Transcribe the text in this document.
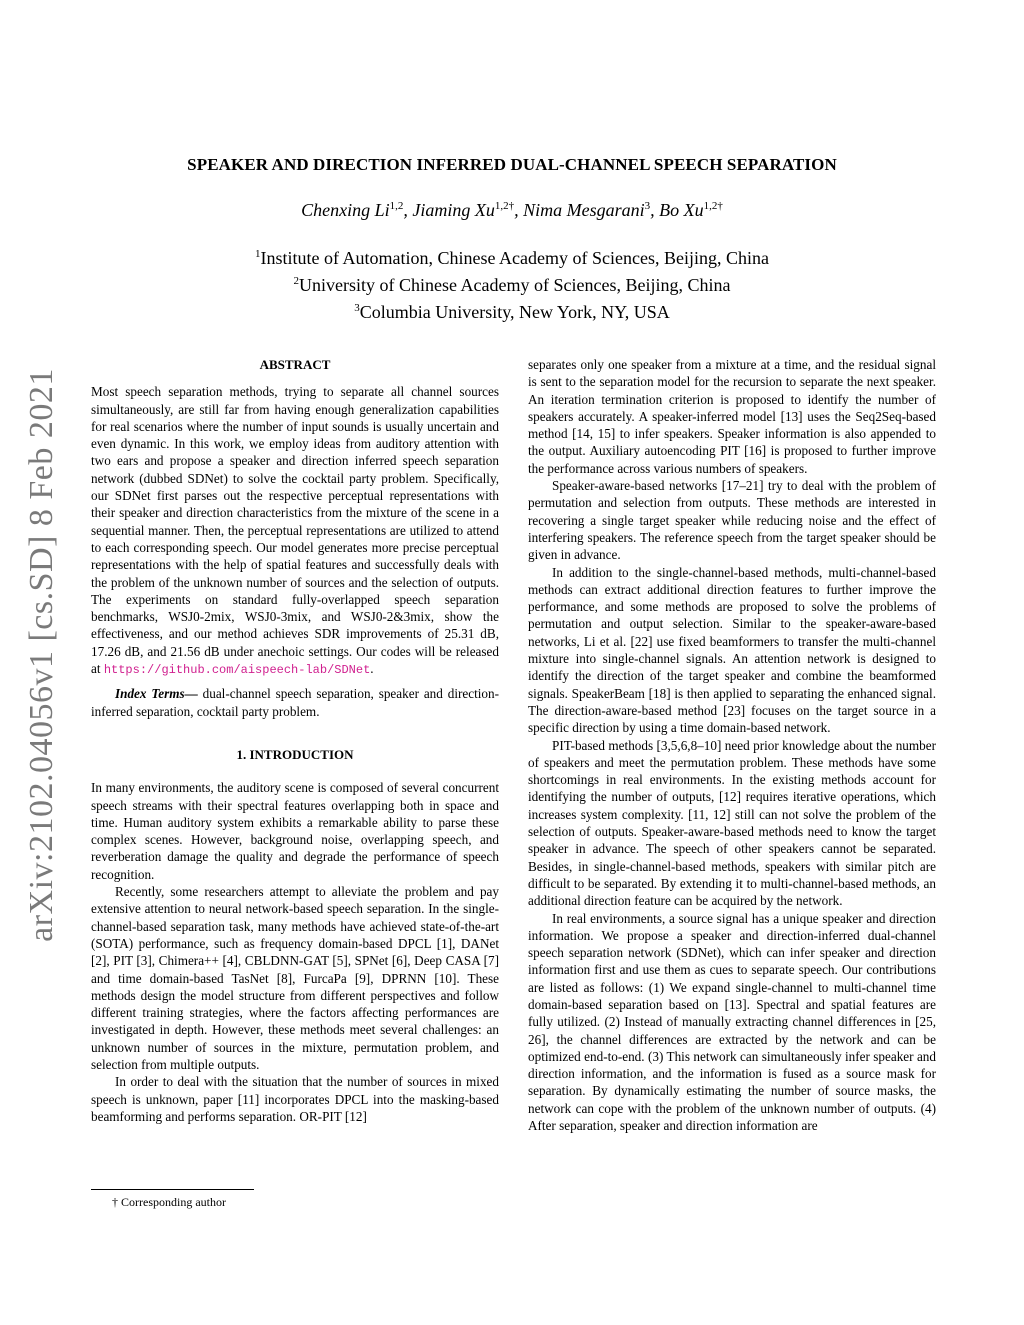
arXiv:2102.04056v1 [cs.SD] 8 Feb 2021
SPEAKER AND DIRECTION INFERRED DUAL-CHANNEL SPEECH SEPARATION
Chenxing Li$^{1,2}$, Jiaming $Xu^{1,2\dagger}$, Nima Mesgarani$^3$, Bo $Xu^{1,2\dagger}$
$^1$Institute of Automation, Chinese Academy of Sciences, Beijing, China
$^2$University of Chinese Academy of Sciences, Beijing, China
$^3$Columbia University, New York, NY, USA
ABSTRACT

Most speech separation methods, trying to separate all channel sources simultaneously, are still far from having enough generalization capabilities for real scenarios where the number of input sounds is usually uncertain and even dynamic. In this work, we employ ideas from auditory attention with two ears and propose a speaker and direction inferred speech separation network (dubbed SDNet) to solve the cocktail party problem. Specifically, our SDNet first parses out the respective perceptual representations with their speaker and direction characteristics from the mixture of the scene in a sequential manner. Then, the perceptual representations are utilized to attend to each corresponding speech. Our model generates more precise perceptual representations with the help of spatial features and successfully deals with the problem of the unknown number of sources and the selection of outputs. The experiments on standard fully-overlapped speech separation benchmarks, WSJ0-2mix, WSJ0-3mix, and WSJ0-2&3mix, show the effectiveness, and our method achieves SDR improvements of 25.31 dB, 17.26 dB, and 21.56 dB under anechoic settings. Our codes will be released at https://github.com/aispeech-lab/SDNet.

Index Terms— dual-channel speech separation, speaker and direction-inferred separation, cocktail party problem.

1. INTRODUCTION

In many environments, the auditory scene is composed of several concurrent speech streams with their spectral features overlapping both in space and time. Human auditory system exhibits a remarkable ability to parse these complex scenes. However, background noise, overlapping speech, and reverberation damage the quality and degrade the performance of speech recognition.

Recently, some researchers attempt to alleviate the problem and pay extensive attention to neural network-based speech separation. In the single-channel-based separation task, many methods have achieved state-of-the-art (SOTA) performance, such as frequency domain-based DPCL [1], DANet [2], PIT [3], Chimera++ [4], CBLDNN-GAT [5], SPNet [6], Deep CASA [7] and time domain-based TasNet [8], FurcaPa [9], DPRNN [10]. These methods design the model structure from different perspectives and follow different training strategies, where the factors affecting performances are investigated in depth. However, these methods meet several challenges: an unknown number of sources in the mixture, permutation problem, and selection from multiple outputs.

In order to deal with the situation that the number of sources in mixed speech is unknown, paper [11] incorporates DPCL into the masking-based beamforming and performs separation. OR-PIT [12]

† Corresponding author

separates only one speaker from a mixture at a time, and the residual signal is sent to the separation model for the recursion to separate the next speaker. An iteration termination criterion is proposed to identify the number of speakers accurately. A speaker-inferred model [13] uses the Seq2Seq-based method [14, 15] to infer speakers. Speaker information is also appended to the output. Auxiliary autoencoding PIT [16] is proposed to further improve the performance across various numbers of speakers.

Speaker-aware-based networks [17–21] try to deal with the problem of permutation and selection from outputs. These methods are interested in recovering a single target speaker while reducing noise and the effect of interfering speakers. The reference speech from the target speaker should be given in advance.

In addition to the single-channel-based methods, multi-channel-based methods can extract additional direction features to further improve the performance, and some methods are proposed to solve the problems of permutation and output selection. Similar to the speaker-aware-based networks, Li et al. [22] use fixed beamformers to transfer the multi-channel mixture into single-channel signals. An attention network is designed to identify the direction of the target speaker and combine the beamformed signals. SpeakerBeam [18] is then applied to separating the enhanced signal. The direction-aware-based method [23] focuses on the target source in a specific direction by using a time domain-based network.

PIT-based methods [3,5,6,8–10] need prior knowledge about the number of speakers and meet the permutation problem. These methods have some shortcomings in real environments. In the existing methods account for identifying the number of outputs, [12] requires iterative operations, which increases system complexity. [11, 12] still can not solve the problem of the selection of outputs. Speaker-aware-based methods need to know the target speaker in advance. The speech of other speakers cannot be separated. Besides, in single-channel-based methods, speakers with similar pitch are difficult to be separated. By extending it to multi-channel-based methods, an additional direction feature can be acquired by the network.

In real environments, a source signal has a unique speaker and direction information. We propose a speaker and direction-inferred dual-channel speech separation network (SDNet), which can infer speaker and direction information first and use them as cues to separate speech. Our contributions are listed as follows: (1) We expand single-channel to multi-channel time domain-based separation based on [13]. Spectral and spatial features are fully utilized. (2) Instead of manually extracting channel differences in [25, 26], the channel differences are extracted by the network and can be optimized end-to-end. (3) This network can simultaneously infer speaker and direction information, and the information is fused as a source mask for separation. By dynamically estimating the number of source masks, the network can cope with the problem of the unknown number of outputs. (4) After separation, speaker and direction information are
